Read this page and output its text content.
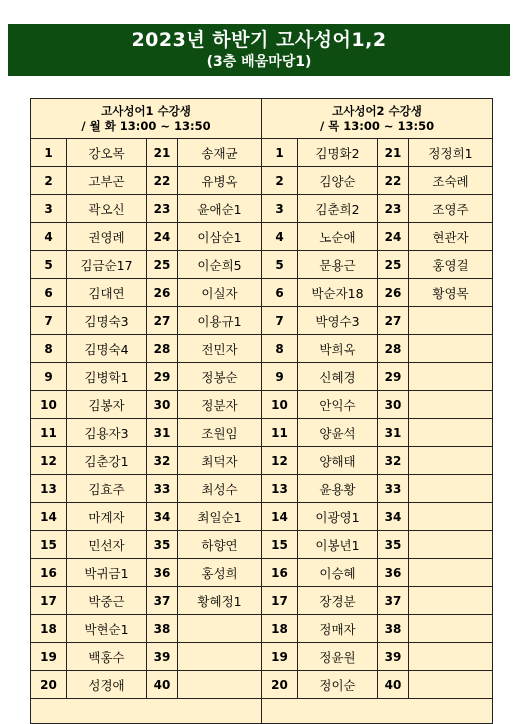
2023년 하반기 고사성어1,2
(3층 배움마당1)
고사성어1 수강생
/ 월 화 13:00 ~ 13:50			

1	강오목	21	송재균
2	고부곤	22	유병옥
3	곽오신	23	윤애순1
4	권영례	24	이삼순1
5	김금순17	25	이순희5
6	김대연	26	이실자
7	김명숙3	27	이용규1
8	김명숙4	28	전민자
9	김병학1	29	정봉순
10	김봉자	30	정분자
11	김용자3	31	조원임
12	김춘강1	32	최덕자
13	김효주	33	최성수
14	마계자	34	최일순1
15	민선자	35	하향연
16	박귀금1	36	홍성희
17	박중근	37	황혜정1
18	박현순1	38	
19	백홍수	39	
20	성경애	40	

고사성어2 수강생
/ 목 13:00 ~ 13:50			

1	김명화2	21	정정희1
2	김양순	22	조숙례
3	김춘희2	23	조영주
4	노순애	24	현관자
5	문용근	25	홍영걸
6	박순자18	26	황영목
7	박영수3	27	
8	박희옥	28	
9	신혜경	29	
10	안익수	30	
11	양윤석	31	
12	양해태	32	
13	윤용황	33	
14	이광영1	34	
15	이봉년1	35	
16	이승혜	36	
17	장경분	37	
18	정매자	38	
19	정윤원	39	
20	정이순	40	
